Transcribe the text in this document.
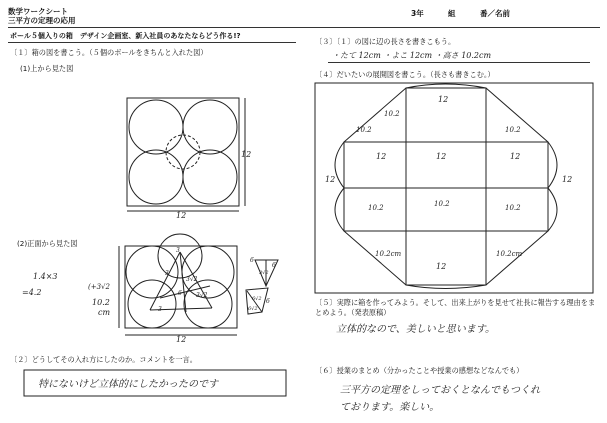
数学ワークシート
三平方の定理の応用
3年	組	番／名前
ボール５個入りの箱　デザイン企画室、新入社員のあなたならどう作る!?
〔１〕箱の図を書こう。（５個のボールをきちんと入れた図）
(1)上から見た図
(2)正面から見た図
12
12
1.4×3
=4.2
(+3√2
10.2
cm
3
3
3√2
6 3√2
3
12
6
6
3√2
6√2 6
6√2
〔２〕どうしてその入れ方にしたのか。コメントを一言。
特にないけど立体的にしたかったのです
〔３〕〔１〕の図に辺の長さを書きこもう。
・たて 12cm ・よこ 12cm ・高さ 10.2cm
〔４〕だいたいの展開図を書こう。（長さも書きこむ。）
12
10.2
10.2	10.2
12
12	12	12
12
10.2	10.2	10.2
10.2cm	10.2cm
12
〔５〕実際に箱を作ってみよう。そして、出来上がりを見せて社長に報告する理由をまとめよう。（発表原稿）
立体的なので、美しいと思います。
〔６〕授業のまとめ（分かったことや授業の感想などなんでも）
三平方の定理をしっておくとなんでもつくれ
ております。楽しい。
